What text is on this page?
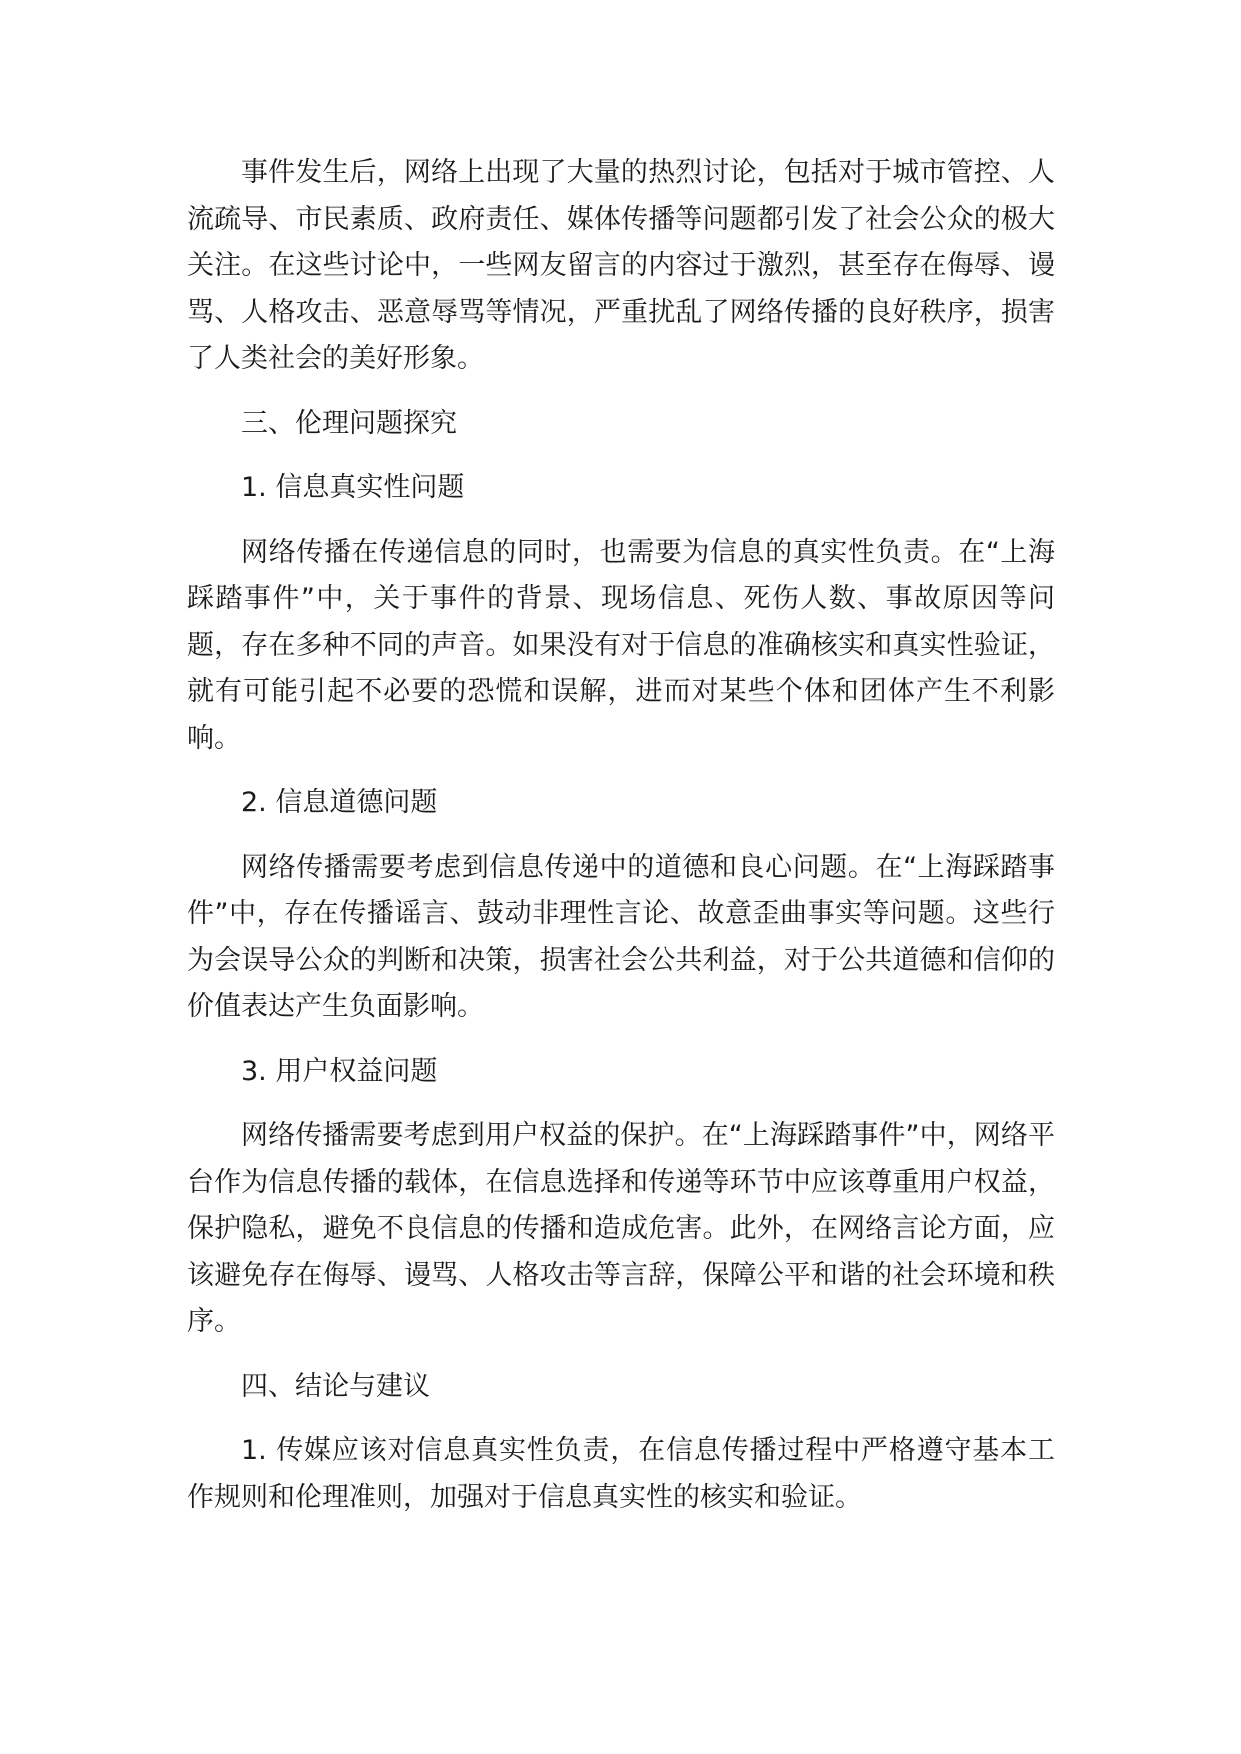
事件发生后，网络上出现了大量的热烈讨论，包括对于城市管控、人流疏导、市民素质、政府责任、媒体传播等问题都引发了社会公众的极大关注。在这些讨论中，一些网友留言的内容过于激烈，甚至存在侮辱、谩骂、人格攻击、恶意辱骂等情况，严重扰乱了网络传播的良好秩序，损害了人类社会的美好形象。

三、伦理问题探究

1. 信息真实性问题

网络传播在传递信息的同时，也需要为信息的真实性负责。在“上海踩踏事件”中，关于事件的背景、现场信息、死伤人数、事故原因等问题，存在多种不同的声音。如果没有对于信息的准确核实和真实性验证，就有可能引起不必要的恐慌和误解，进而对某些个体和团体产生不利影响。

2. 信息道德问题

网络传播需要考虑到信息传递中的道德和良心问题。在“上海踩踏事件”中，存在传播谣言、鼓动非理性言论、故意歪曲事实等问题。这些行为会误导公众的判断和决策，损害社会公共利益，对于公共道德和信仰的价值表达产生负面影响。

3. 用户权益问题

网络传播需要考虑到用户权益的保护。在“上海踩踏事件”中，网络平台作为信息传播的载体，在信息选择和传递等环节中应该尊重用户权益，保护隐私，避免不良信息的传播和造成危害。此外，在网络言论方面，应该避免存在侮辱、谩骂、人格攻击等言辞，保障公平和谐的社会环境和秩序。

四、结论与建议

1. 传媒应该对信息真实性负责，在信息传播过程中严格遵守基本工作规则和伦理准则，加强对于信息真实性的核实和验证。
